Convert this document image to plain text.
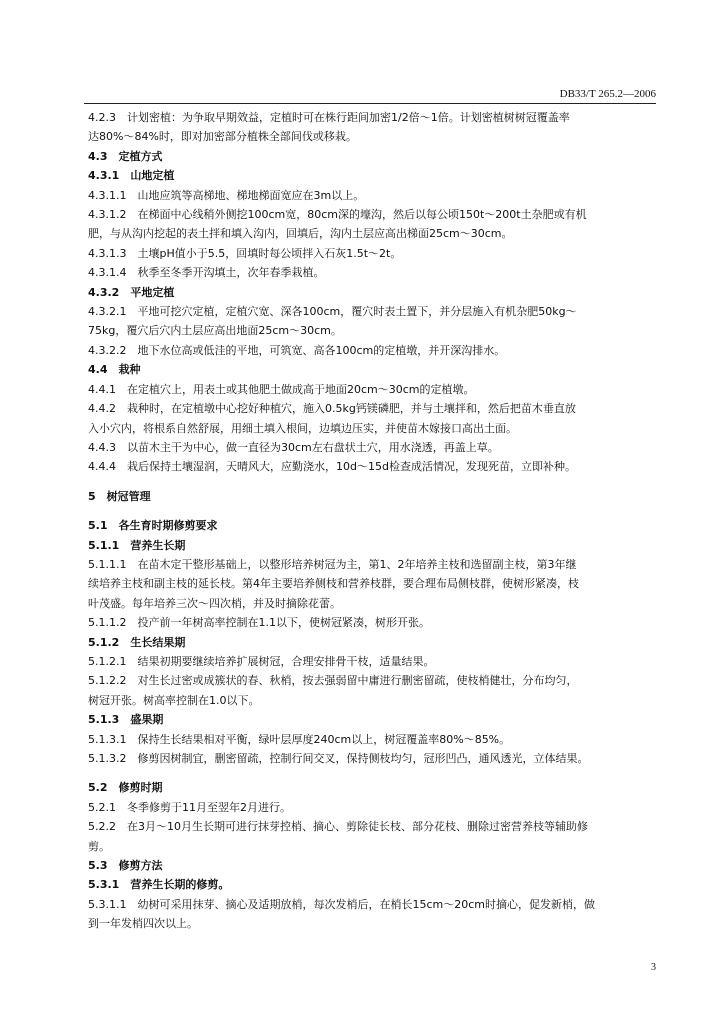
DB33/T 265.2—2006

4.2.3　计划密植：为争取早期效益，定植时可在株行距间加密1/2倍～1倍。计划密植树树冠覆盖率

达80%～84%时，即对加密部分植株全部间伐或移栽。

4.3　定植方式

4.3.1　山地定植

4.3.1.1　山地应筑等高梯地、梯地梯面宽应在3m以上。

4.3.1.2　在梯面中心线稍外侧挖100cm宽，80cm深的壕沟，然后以每公顷150t～200t土杂肥或有机

肥，与从沟内挖起的表土拌和填入沟内，回填后，沟内土层应高出梯面25cm～30cm。

4.3.1.3　土壤pH值小于5.5，回填时每公顷拌入石灰1.5t～2t。

4.3.1.4　秋季至冬季开沟填土，次年春季栽植。

4.3.2　平地定植

4.3.2.1　平地可挖穴定植，定植穴宽、深各100cm，覆穴时表土置下，并分层施入有机杂肥50kg～

75kg，覆穴后穴内土层应高出地面25cm～30cm。

4.3.2.2　地下水位高或低洼的平地，可筑宽、高各100cm的定植墩，并开深沟排水。

4.4　栽种

4.4.1　在定植穴上，用表土或其他肥土做成高于地面20cm～30cm的定植墩。

4.4.2　栽种时，在定植墩中心挖好种植穴，施入0.5kg钙镁磷肥，并与土壤拌和，然后把苗木垂直放

入小穴内，将根系自然舒展，用细土填入根间，边填边压实，并使苗木嫁接口高出土面。

4.4.3　以苗木主干为中心，做一直径为30cm左右盘状土穴，用水浇透，再盖上草。

4.4.4　栽后保持土壤湿润，天晴风大，应勤浇水，10d～15d检查成活情况，发现死苗，立即补种。

5　树冠管理

5.1　各生育时期修剪要求

5.1.1　营养生长期

5.1.1.1　在苗木定干整形基础上，以整形培养树冠为主，第1、2年培养主枝和选留副主枝，第3年继

续培养主枝和副主枝的延长枝。第4年主要培养侧枝和营养枝群，要合理布局侧枝群，使树形紧凑，枝

叶茂盛。每年培养三次～四次梢，并及时摘除花蕾。

5.1.1.2　投产前一年树高率控制在1.1以下，使树冠紧凑，树形开张。

5.1.2　生长结果期

5.1.2.1　结果初期要继续培养扩展树冠，合理安排骨干枝，适量结果。

5.1.2.2　对生长过密或成簇状的春、秋梢，按去强弱留中庸进行删密留疏，使枝梢健壮，分布均匀，

树冠开张。树高率控制在1.0以下。

5.1.3　盛果期

5.1.3.1　保持生长结果相对平衡，绿叶层厚度240cm以上，树冠覆盖率80%～85%。

5.1.3.2　修剪因树制宜，删密留疏，控制行间交叉，保持侧枝均匀，冠形凹凸，通风透光，立体结果。

5.2　修剪时期

5.2.1　冬季修剪于11月至翌年2月进行。

5.2.2　在3月～10月生长期可进行抹芽控梢、摘心、剪除徒长枝、部分花枝、删除过密营养枝等辅助修

剪。

5.3　修剪方法

5.3.1　营养生长期的修剪。

5.3.1.1　幼树可采用抹芽、摘心及适期放梢，每次发梢后，在梢长15cm～20cm时摘心，促发新梢，做

到一年发梢四次以上。

3
